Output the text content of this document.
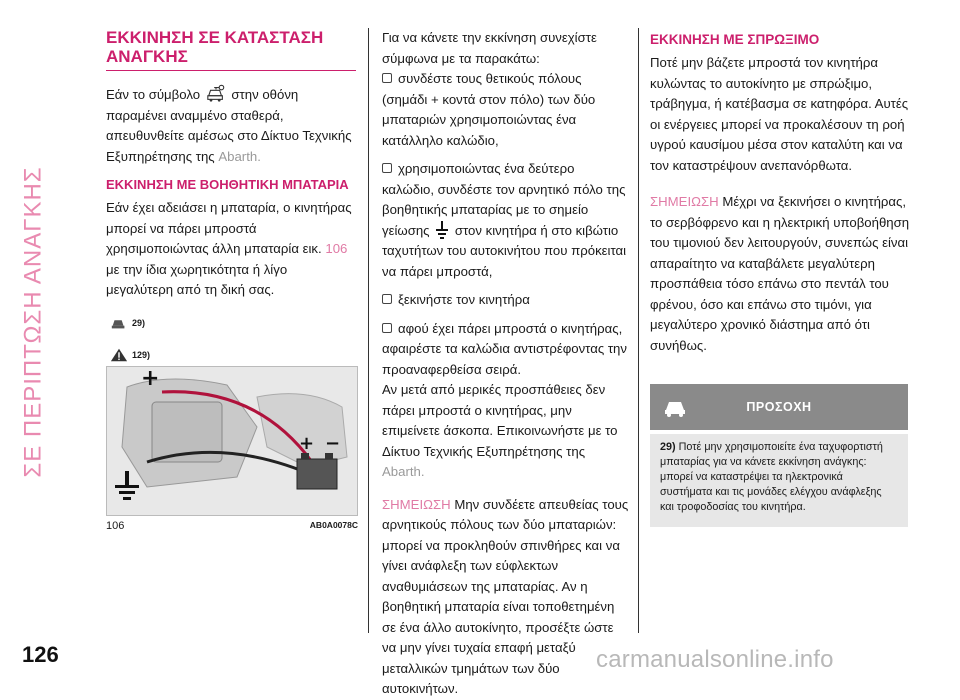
ΣΕ ΠΕΡΙΠΤΩΣΗ ΑΝΑΓΚΗΣ
ΕΚΚΙΝΗΣΗ ΣΕ ΚΑΤΑΣΤΑΣΗ ΑΝΑΓΚΗΣ

Εάν το σύμβολο στην οθόνη παραμένει αναμμένο σταθερά, απευθυνθείτε αμέσως στο Δίκτυο Τεχνικής Εξυπηρέτησης της Abarth.

ΕΚΚΙΝΗΣΗ ΜΕ ΒΟΗΘΗΤΙΚΗ ΜΠΑΤΑΡΙΑ

Εάν έχει αδειάσει η μπαταρία, ο κινητήρας μπορεί να πάρει μπροστά χρησιμοποιώντας άλλη μπαταρία εικ. 106 με την ίδια χωρητικότητα ή λίγο μεγαλύτερη από τη δική σας.

29)
129)
+
+ −
106	AB0A0078C

Για να κάνετε την εκκίνηση συνεχίστε σύμφωνα με τα παρακάτω:

συνδέστε τους θετικούς πόλους (σημάδι + κοντά στον πόλο) των δύο μπαταριών χρησιμοποιώντας ένα κατάλληλο καλώδιο,

χρησιμοποιώντας ένα δεύτερο καλώδιο, συνδέστε τον αρνητικό πόλο της βοηθητικής μπαταρίας με το σημείο γείωσης στον κινητήρα ή στο κιβώτιο ταχυτήτων του αυτοκινήτου που πρόκειται να πάρει μπροστά,

ξεκινήστε τον κινητήρα

αφού έχει πάρει μπροστά ο κινητήρας, αφαιρέστε τα καλώδια αντιστρέφοντας την προαναφερθείσα σειρά.

Αν μετά από μερικές προσπάθειες δεν πάρει μπροστά ο κινητήρας, μην επιμείνετε άσκοπα. Επικοινωνήστε με το Δίκτυο Τεχνικής Εξυπηρέτησης της Abarth.

ΣΗΜΕΙΩΣΗ Μην συνδέετε απευθείας τους αρνητικούς πόλους των δύο μπαταριών: μπορεί να προκληθούν σπινθήρες και να γίνει ανάφλεξη των εύφλεκτων αναθυμιάσεων της μπαταρίας. Αν η βοηθητική μπαταρία είναι τοποθετημένη σε ένα άλλο αυτοκίνητο, προσέξτε ώστε να μην γίνει τυχαία επαφή μεταξύ μεταλλικών τμημάτων των δύο αυτοκινήτων.

ΕΚΚΙΝΗΣΗ ΜΕ ΣΠΡΩΞΙΜΟ

Ποτέ μην βάζετε μπροστά τον κινητήρα κυλώντας το αυτοκίνητο με σπρώξιμο, τράβηγμα, ή κατέβασμα σε κατηφόρα. Αυτές οι ενέργειες μπορεί να προκαλέσουν τη ροή υγρού καυσίμου μέσα στον καταλύτη και να τον καταστρέψουν ανεπανόρθωτα.

ΣΗΜΕΙΩΣΗ Μέχρι να ξεκινήσει ο κινητήρας, το σερβόφρενο και η ηλεκτρική υποβοήθηση του τιμονιού δεν λειτουργούν, συνεπώς είναι απαραίτητο να καταβάλετε μεγαλύτερη προσπάθεια τόσο επάνω στο πεντάλ του φρένου, όσο και επάνω στο τιμόνι, για μεγαλύτερο χρονικό διάστημα από ότι συνήθως.

ΠΡΟΣΟΧΗ
29) Ποτέ μην χρησιμοποιείτε ένα ταχυφορτιστή μπαταρίας για να κάνετε εκκίνηση ανάγκης: μπορεί να καταστρέψει τα ηλεκτρονικά συστήματα και τις μονάδες ελέγχου ανάφλεξης και τροφοδοσίας του κινητήρα.
126	carmanualsonline.info
